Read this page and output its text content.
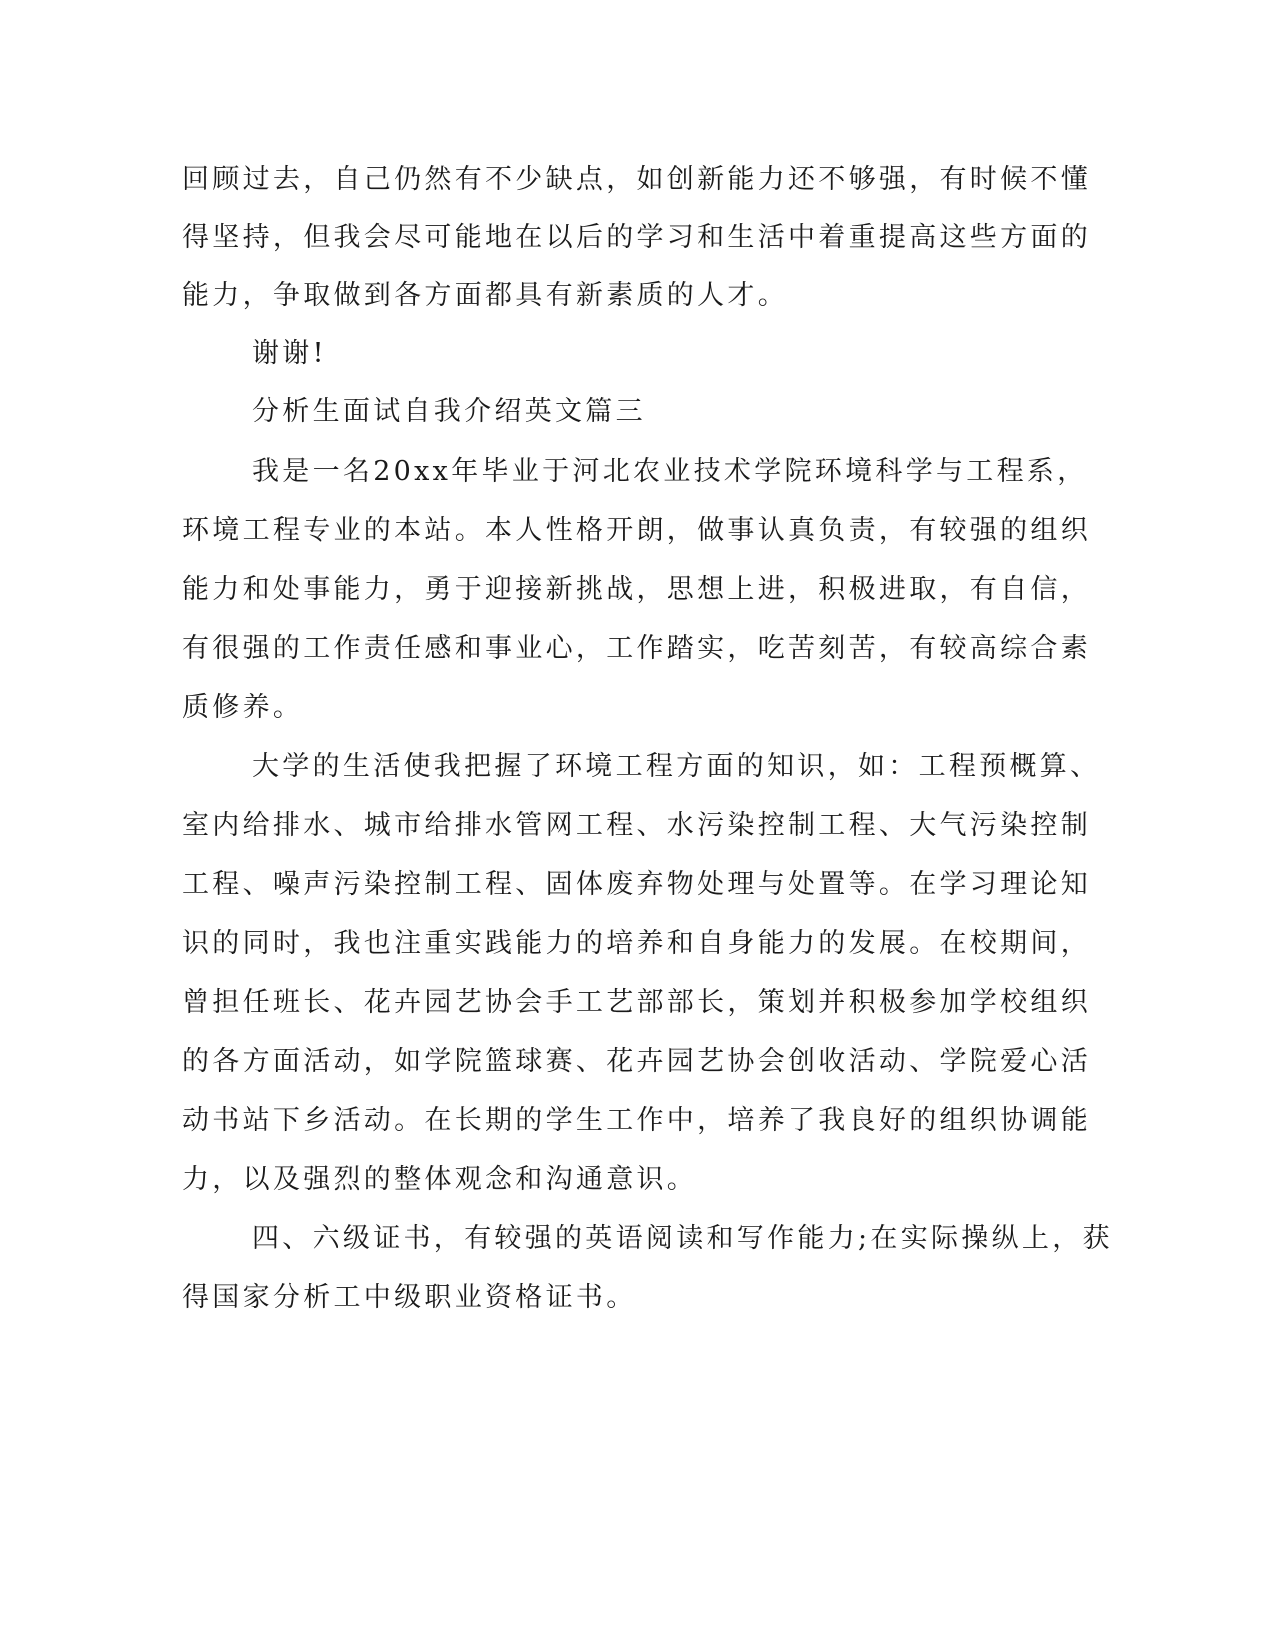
回顾过去，自己仍然有不少缺点，如创新能力还不够强，有时候不懂

得坚持，但我会尽可能地在以后的学习和生活中着重提高这些方面的

能力，争取做到各方面都具有新素质的人才。

谢谢!

分析生面试自我介绍英文篇三

我是一名20xx年毕业于河北农业技术学院环境科学与工程系，

环境工程专业的本站。本人性格开朗，做事认真负责，有较强的组织

能力和处事能力，勇于迎接新挑战，思想上进，积极进取，有自信，

有很强的工作责任感和事业心，工作踏实，吃苦刻苦，有较高综合素

质修养。

大学的生活使我把握了环境工程方面的知识，如：工程预概算、

室内给排水、城市给排水管网工程、水污染控制工程、大气污染控制

工程、噪声污染控制工程、固体废弃物处理与处置等。在学习理论知

识的同时，我也注重实践能力的培养和自身能力的发展。在校期间，

曾担任班长、花卉园艺协会手工艺部部长，策划并积极参加学校组织

的各方面活动，如学院篮球赛、花卉园艺协会创收活动、学院爱心活

动书站下乡活动。在长期的学生工作中，培养了我良好的组织协调能

力，以及强烈的整体观念和沟通意识。

四、六级证书，有较强的英语阅读和写作能力;在实际操纵上，获

得国家分析工中级职业资格证书。
